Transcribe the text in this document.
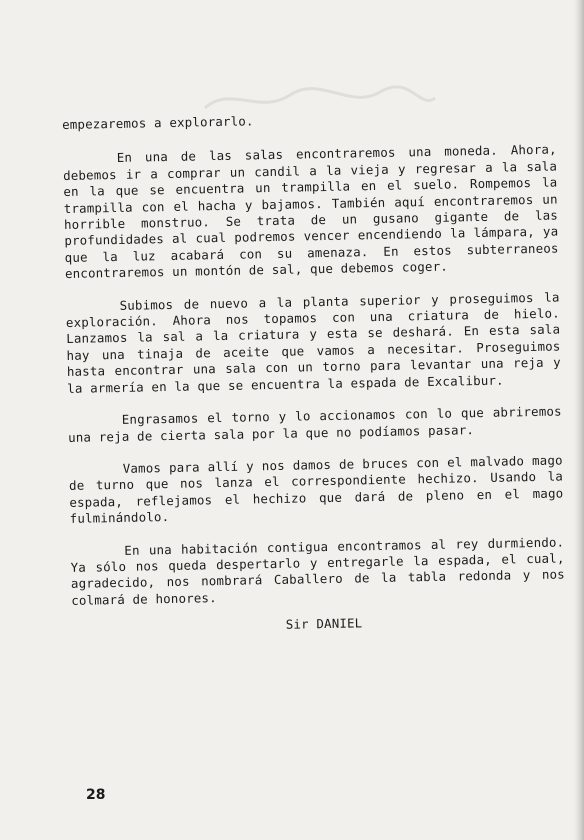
empezaremos a explorarlo.

En una de las salas encontraremos una moneda. Ahora, debemos ir a comprar un candil a la vieja y regresar a la sala en la que se encuentra un trampilla en el suelo. Rompemos la trampilla con el hacha y bajamos. También aquí encontraremos un horrible monstruo. Se trata de un gusano gigante de las profundidades al cual podremos vencer encendiendo la lámpara, ya que la luz acabará con su amenaza. En estos subterraneos encontraremos un montón de sal, que debemos coger.

Subimos de nuevo a la planta superior y proseguimos la exploración. Ahora nos topamos con una criatura de hielo. Lanzamos la sal a la criatura y esta se deshará. En esta sala hay una tinaja de aceite que vamos a necesitar. Proseguimos hasta encontrar una sala con un torno para levantar una reja y la armería en la que se encuentra la espada de Excalibur.

Engrasamos el torno y lo accionamos con lo que abriremos una reja de cierta sala por la que no podíamos pasar.

Vamos para allí y nos damos de bruces con el malvado mago de turno que nos lanza el correspondiente hechizo. Usando la espada, reflejamos el hechizo que dará de pleno en el mago fulminándolo.

En una habitación contigua encontramos al rey durmiendo. Ya sólo nos queda despertarlo y entregarle la espada, el cual, agradecido, nos nombrará Caballero de la tabla redonda y nos colmará de honores.

Sir DANIEL
28
